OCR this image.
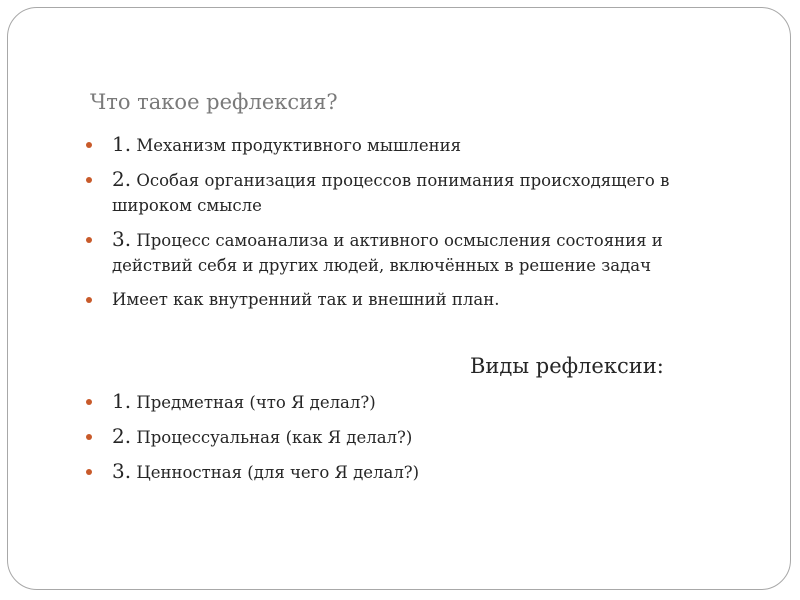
Что такое рефлексия?
1. Механизм продуктивного мышления
2. Особая организация процессов понимания происходящего в широком смысле
3. Процесс самоанализа и активного осмысления состояния и действий себя и других людей, включённых в решение задач
Имеет как внутренний так и внешний план.
Виды рефлексии:
1. Предметная (что Я делал?)
2. Процессуальная (как Я делал?)
3. Ценностная (для чего Я делал?)
